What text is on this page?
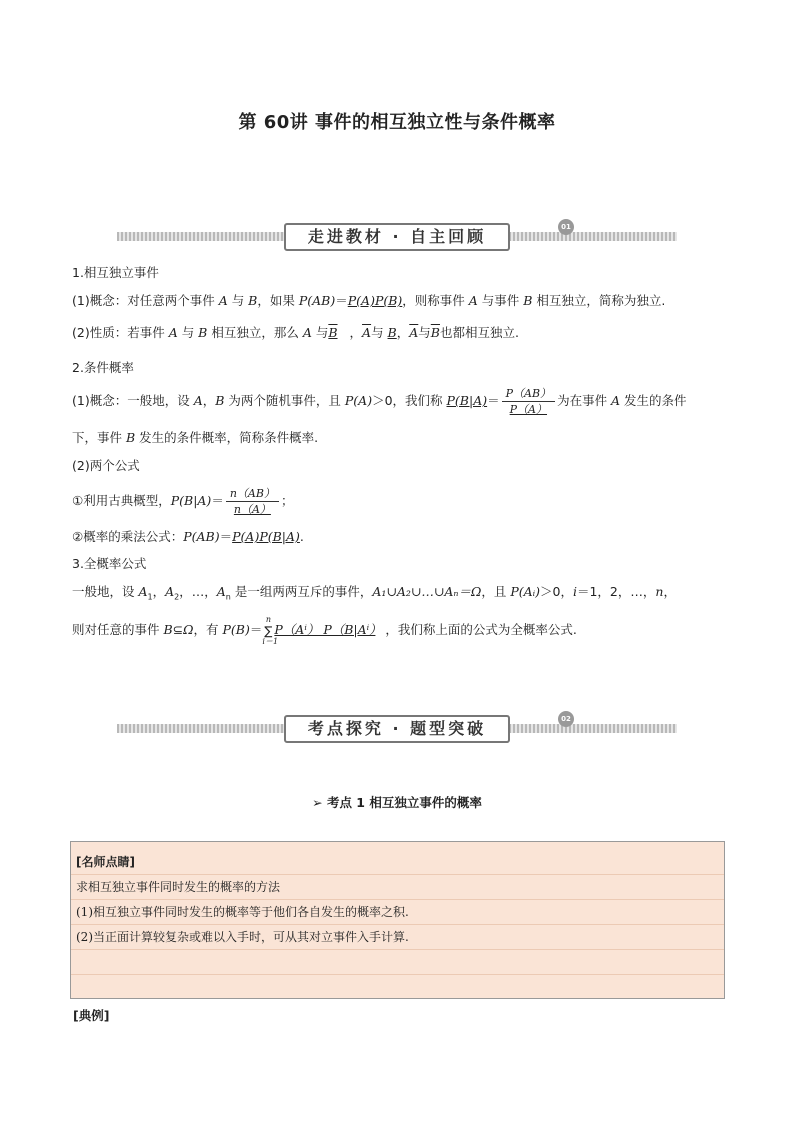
第 60讲 事件的相互独立性与条件概率
走进教材 · 自主回顾	01
1.相互独立事件
(1)概念：对任意两个事件 A 与 B，如果 P(AB)＝P(A)P(B)，则称事件 A 与事件 B 相互独立，简称为独立.
(2)性质：若事件 A 与 B 相互独立，那么 A 与B ，$\overline{A}$与 B，$\overline{A}$与$\overline{B}$也都相互独立.
2.条件概率
(1)概念：一般地，设 A，B 为两个随机事件，且 P(A)＞0，我们称 $P(B|A)= \frac{P(AB)}{P(A)}$ 为在事件 A 发生的条件
下，事件 B 发生的条件概率，简称条件概率.
(2)两个公式
①利用古典概型，$P(B|A)= \frac{n(AB)}{n(A)}$ ；
②概率的乘法公式：P(AB)＝P(A)P(B|A).
3.全概率公式
一般地，设 $A_1$，$A_2$，…，$A_n$ 是一组两两互斥的事件，A₁∪A₂∪…∪Aₙ＝Ω，且 P(Aᵢ)＞0，i＝1，2，…，n，
则对任意的事件 B⊆Ω，有 P(B)＝
n
∑
i＝1
P（Aⁱ） P（B|Aⁱ） ，我们称上面的公式为全概率公式.
考点探究 · 题型突破	02
➢ 考点 1 相互独立事件的概率
[名师点睛]
求相互独立事件同时发生的概率的方法
(1)相互独立事件同时发生的概率等于他们各自发生的概率之积.
(2)当正面计算较复杂或难以入手时，可从其对立事件入手计算.
[典例]
